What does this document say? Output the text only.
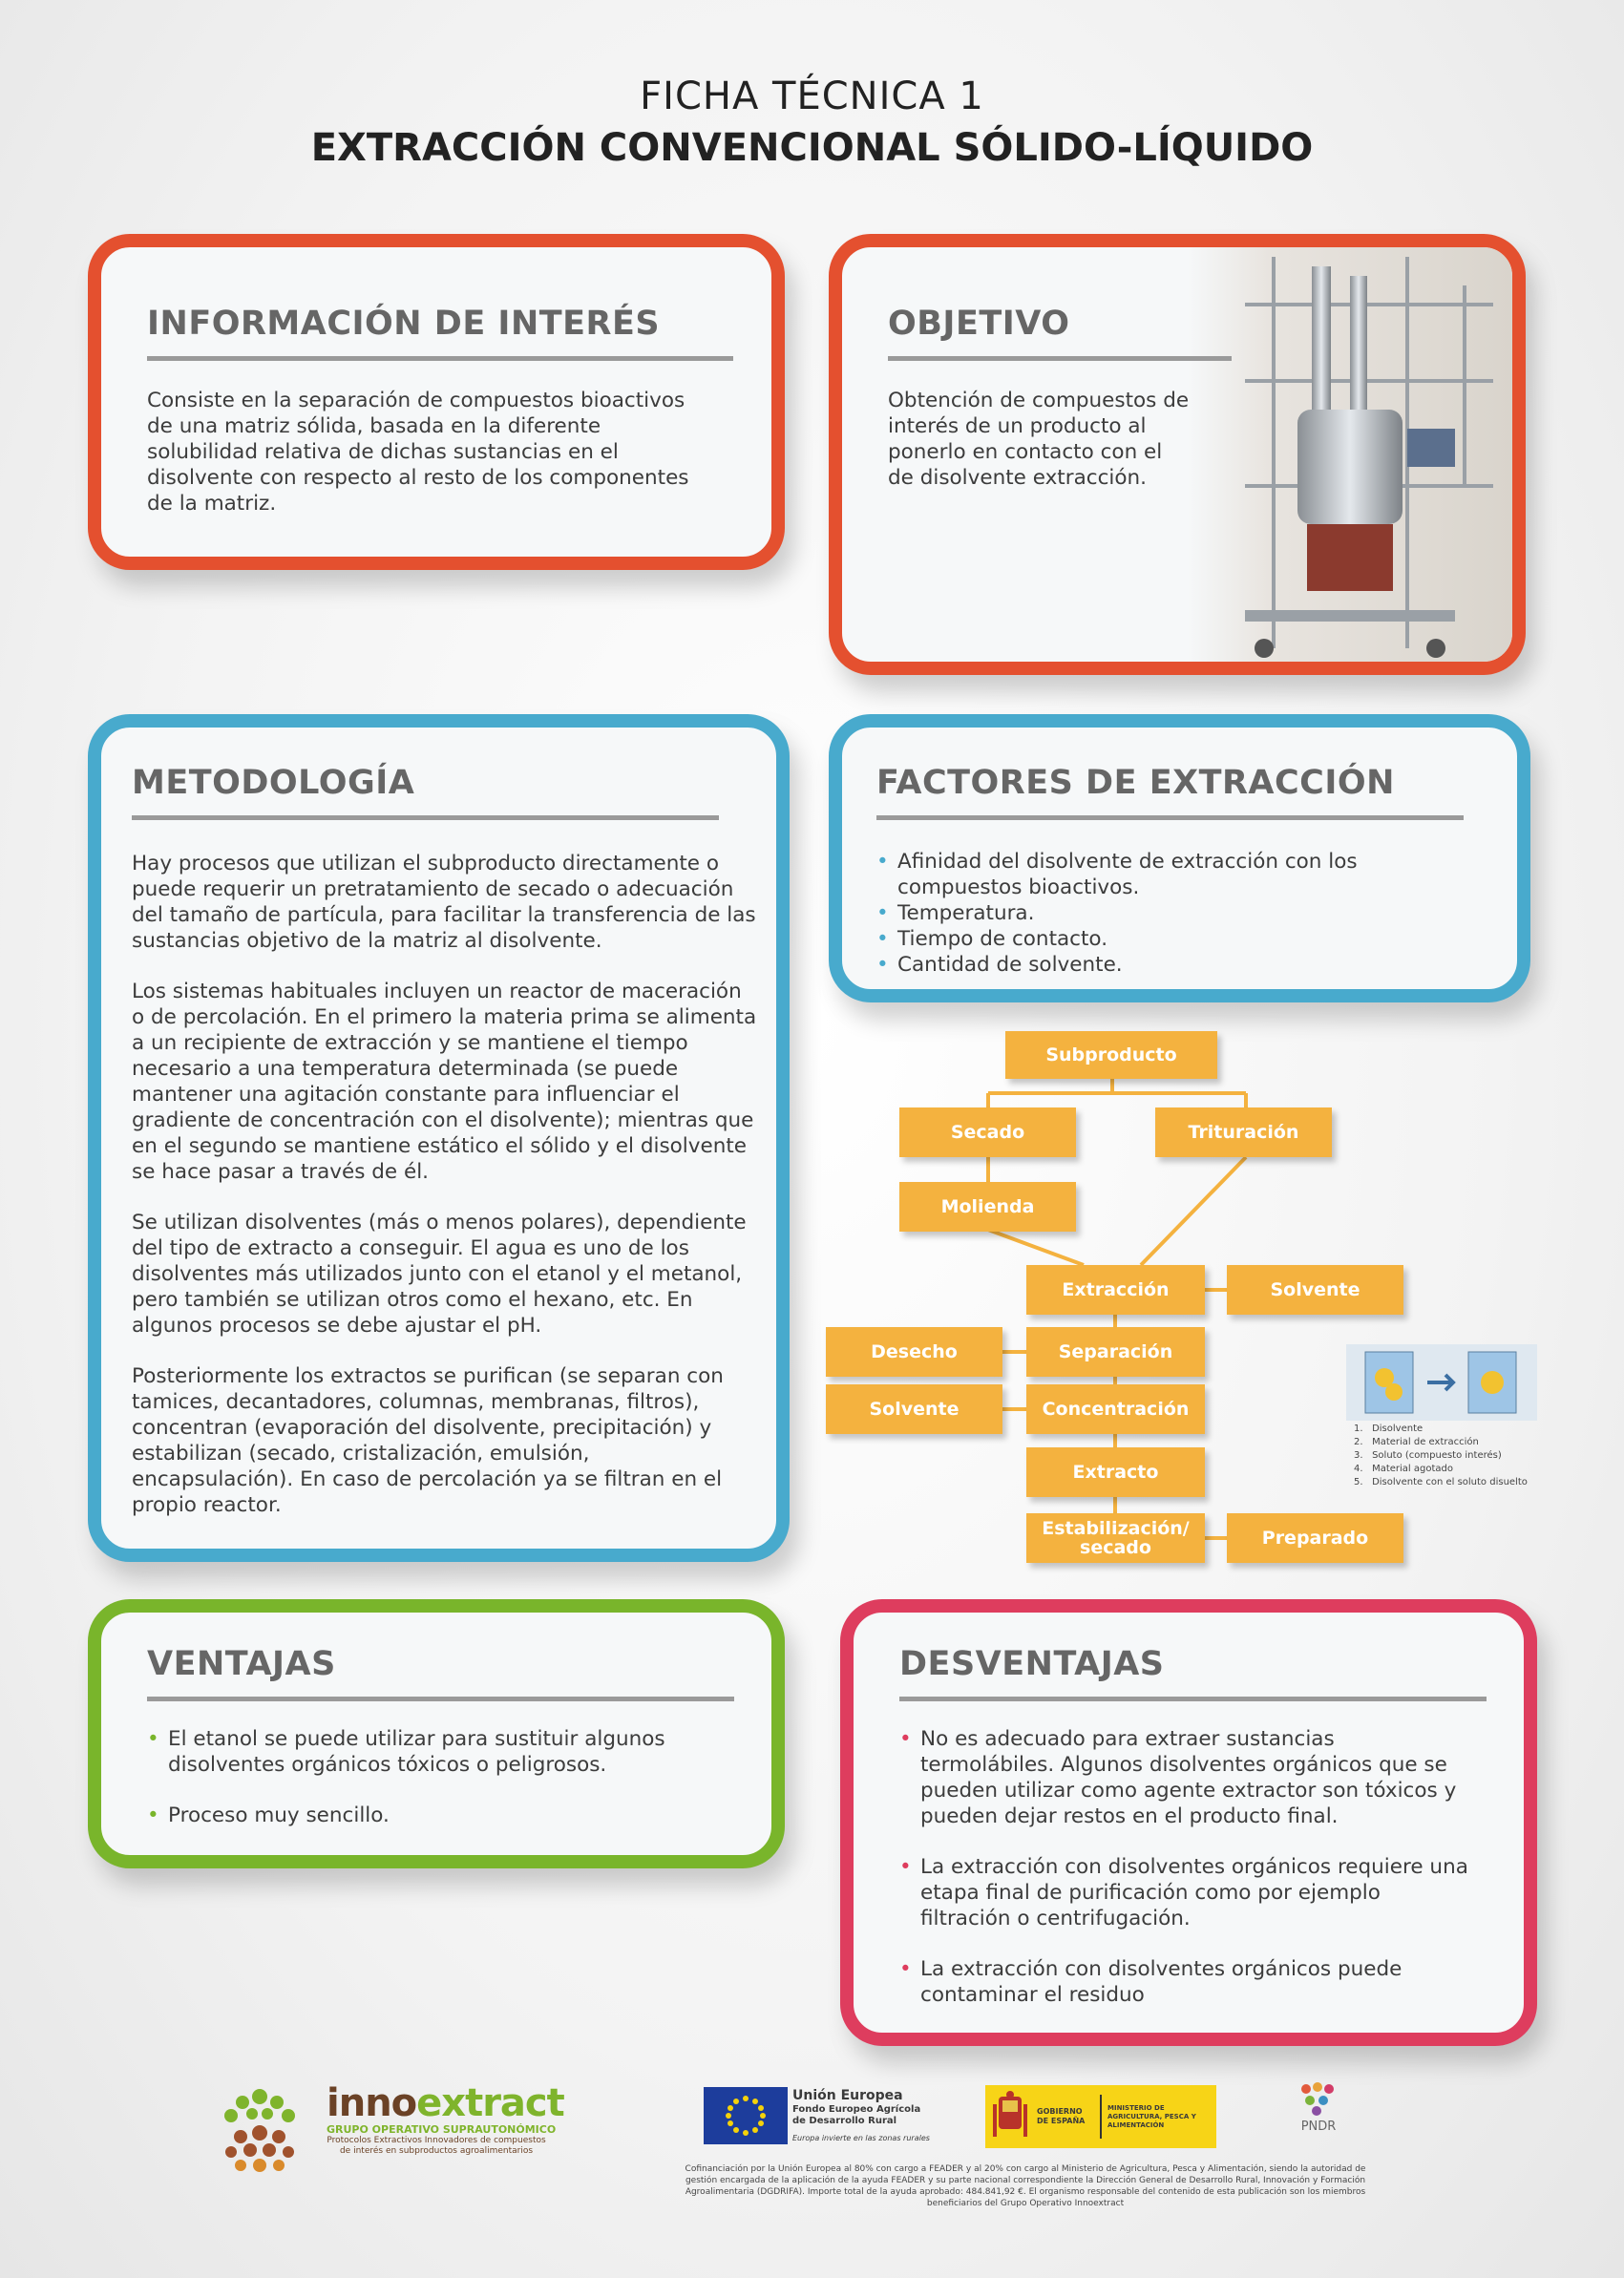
FICHA TÉCNICA 1
EXTRACCIÓN CONVENCIONAL SÓLIDO-LÍQUIDO
INFORMACIÓN DE INTERÉS

Consiste en la separación de compuestos bioactivos de una matriz sólida, basada en la diferente solubilidad relativa de dichas sustancias en el disolvente con respecto al resto de los componentes de la matriz.

OBJETIVO

Obtención de compuestos de interés de un producto al ponerlo en contacto con el de disolvente extracción.

METODOLOGÍA

Hay procesos que utilizan el subproducto directamente o puede requerir un pretratamiento de secado o adecuación del tamaño de partícula, para facilitar la transferencia de las sustancias objetivo de la matriz al disolvente.

Los sistemas habituales incluyen un reactor de maceración o de percolación. En el primero la materia prima se alimenta a un recipiente de extracción y se mantiene el tiempo necesario a una temperatura determinada (se puede mantener una agitación constante para influenciar el gradiente de concentración con el disolvente); mientras que en el segundo se mantiene estático el sólido y el disolvente se hace pasar a través de él.

Se utilizan disolventes (más o menos polares), dependiente del tipo de extracto a conseguir. El agua es uno de los disolventes más utilizados junto con el etanol y el metanol, pero también se utilizan otros como el hexano, etc. En algunos procesos se debe ajustar el pH.

Posteriormente los extractos se purifican (se separan con tamices, decantadores, columnas, membranas, filtros), concentran (evaporación del disolvente, precipitación) y estabilizan (secado, cristalización, emulsión, encapsulación). En caso de percolación ya se filtran en el propio reactor.

FACTORES DE EXTRACCIÓN
• Afinidad del disolvente de extracción con los compuestos bioactivos.
• Temperatura.
• Tiempo de contacto.
• Cantidad de solvente.
Subproducto
Secado	Trituración
Molienda
Extracción	Solvente
Desecho	Separación
Solvente	Concentración
Extracto
Estabilización/ secado	Preparado
1.   Disolvente
2.   Material de extracción
3.   Soluto (compuesto interés)
4.   Material agotado
5.   Disolvente con el soluto disuelto
VENTAJAS
• El etanol se puede utilizar para sustituir algunos disolventes orgánicos tóxicos o peligrosos.
• Proceso muy sencillo.
DESVENTAJAS
• No es adecuado para extraer sustancias termolábiles. Algunos disolventes orgánicos que se pueden utilizar como agente extractor son tóxicos y pueden dejar restos en el producto final.
• La extracción con disolventes orgánicos requiere una etapa final de purificación como por ejemplo filtración o centrifugación.
• La extracción con disolventes orgánicos puede contaminar el residuo
innoextract
GRUPO OPERATIVO SUPRAUTONÓMICO
Protocolos Extractivos Innovadores de compuestos de interés en subproductos agroalimentarios
Unión Europea
Fondo Europeo Agrícola de Desarrollo Rural
Europa invierte en las zonas rurales
GOBIERNO DE ESPAÑA
MINISTERIO DE AGRICULTURA, PESCA Y ALIMENTACIÓN	PNDR
Cofinanciación por la Unión Europea al 80% con cargo a FEADER y al 20% con cargo al Ministerio de Agricultura, Pesca y Alimentación, siendo la autoridad de gestión encargada de la aplicación de la ayuda FEADER y su parte nacional correspondiente la Dirección General de Desarrollo Rural, Innovación y Formación Agroalimentaria (DGDRIFA). Importe total de la ayuda aprobado: 484.841,92 €. El organismo responsable del contenido de esta publicación son los miembros beneficiarios del Grupo Operativo Innoextract
